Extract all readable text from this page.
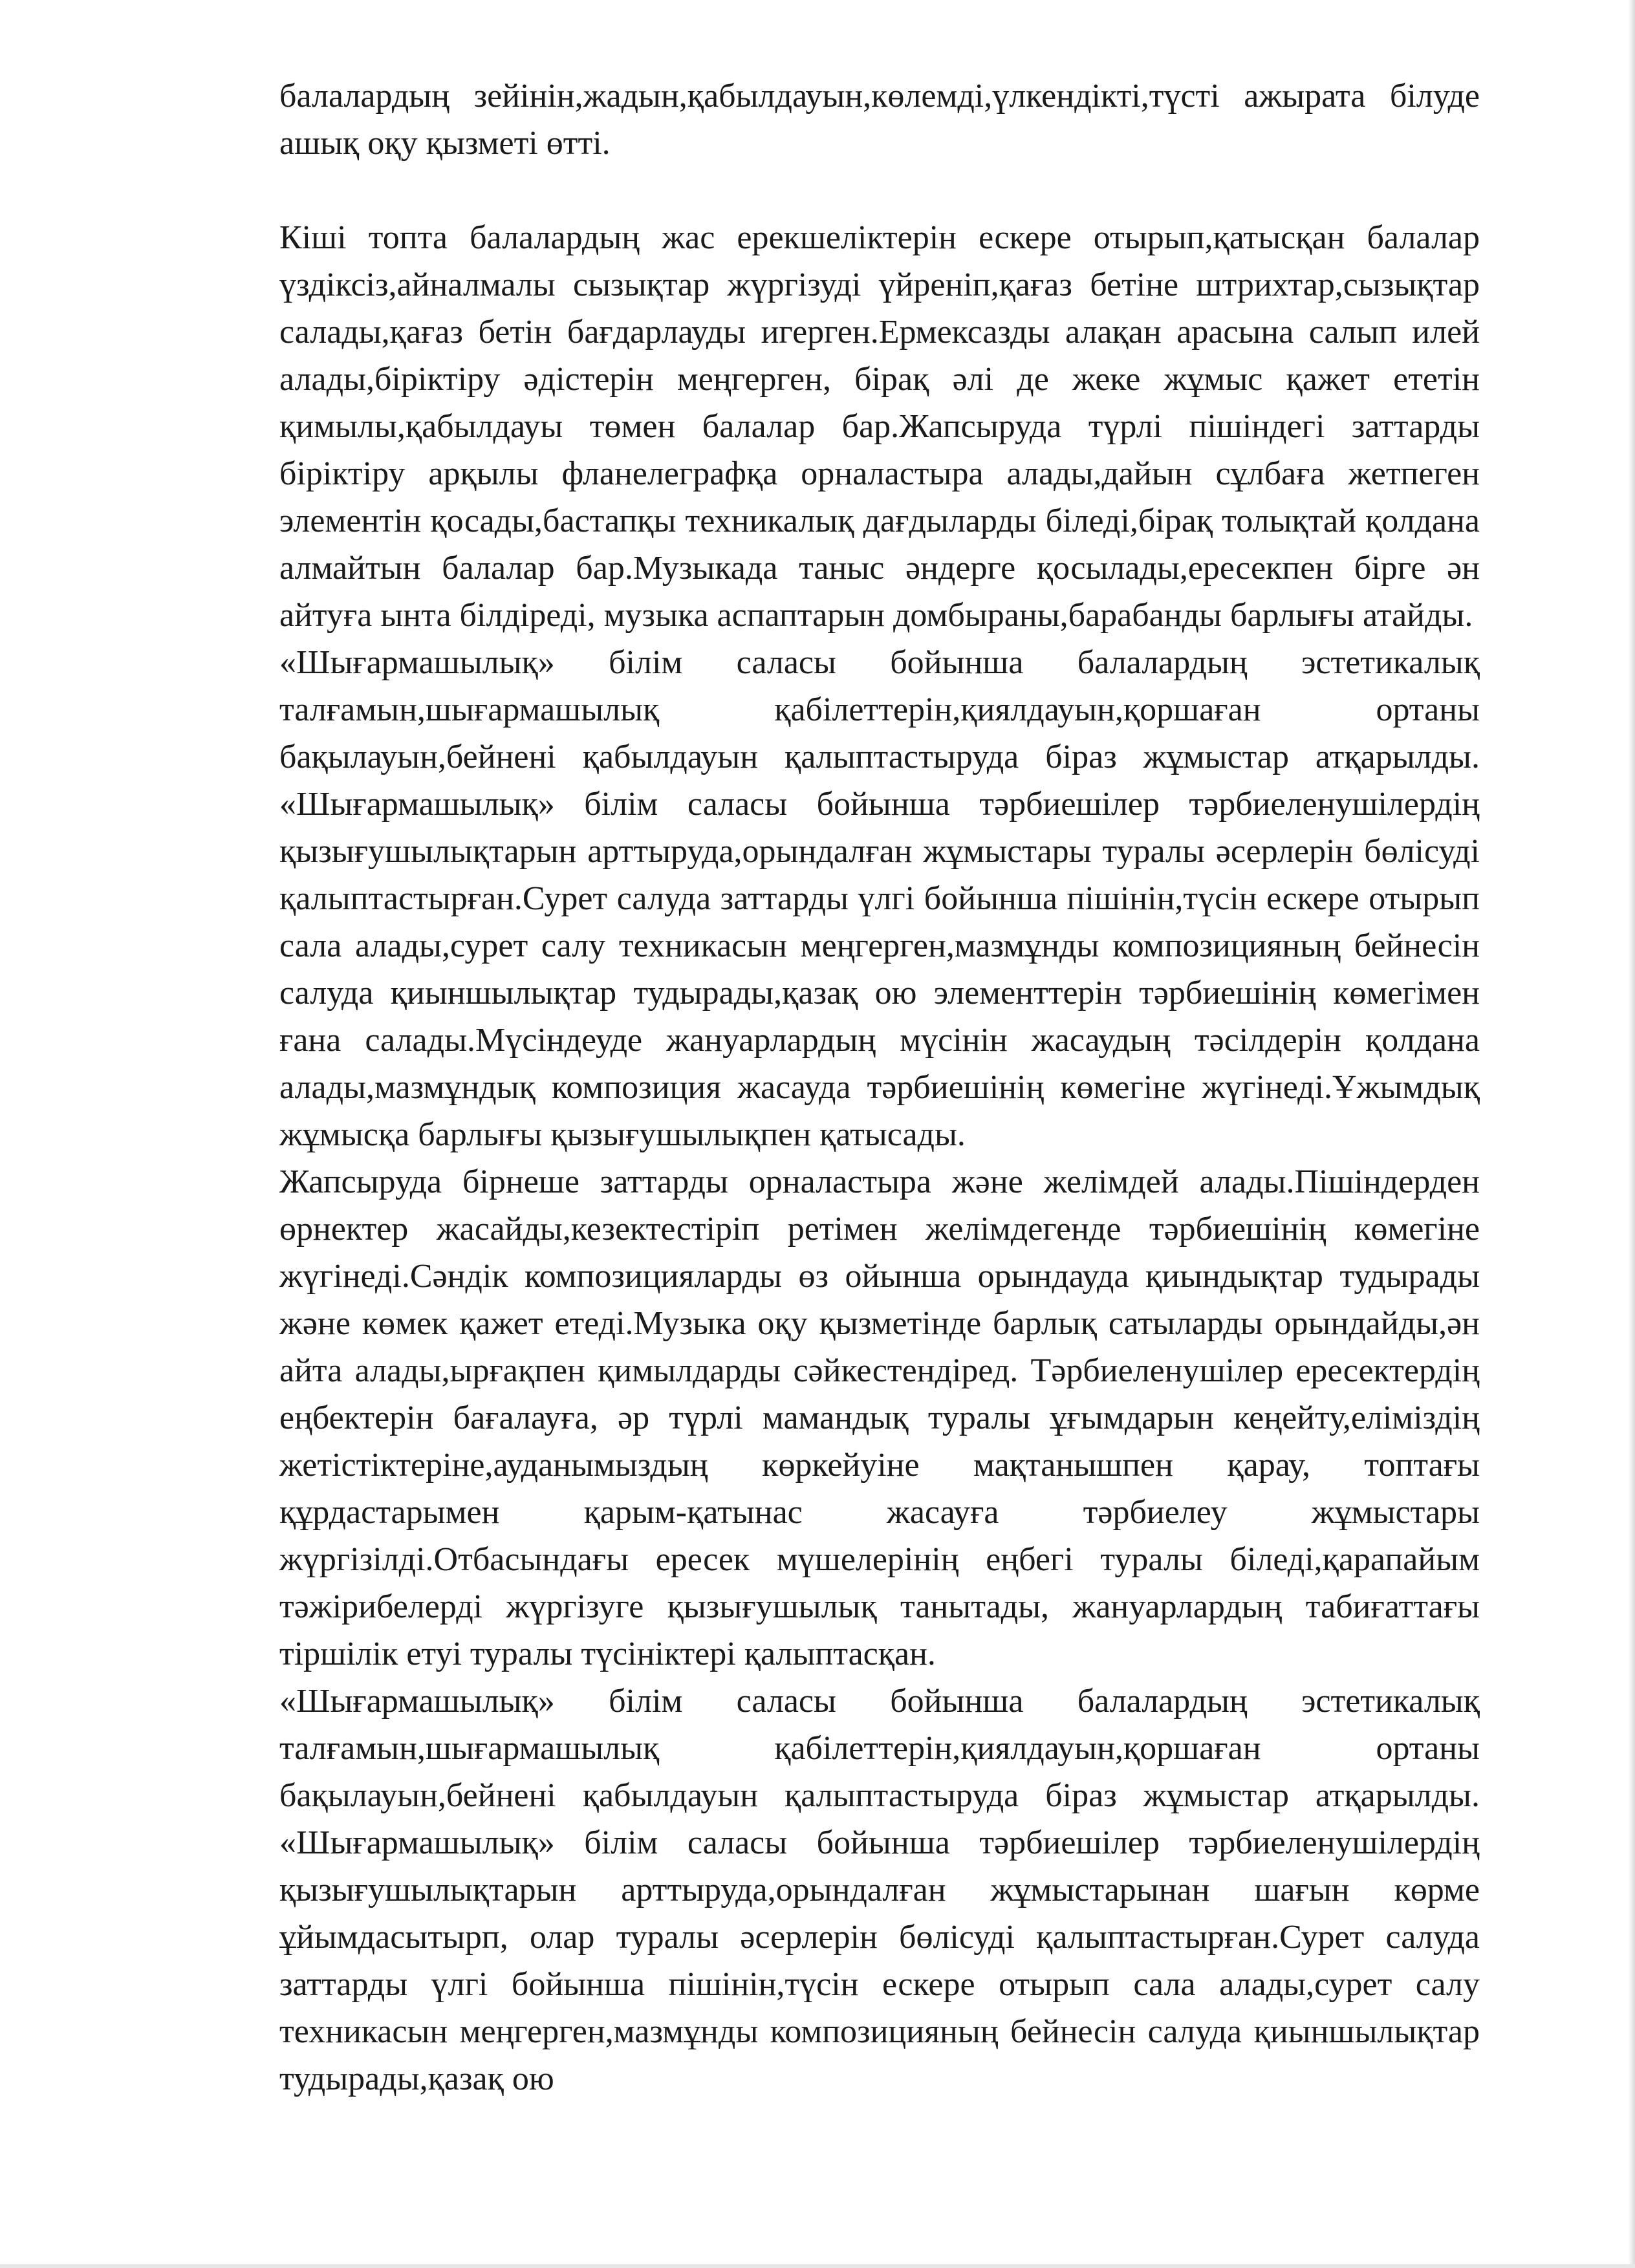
балалардың зейінін,жадын,қабылдауын,көлемді,үлкендікті,түсті ажырата білуде ашық оқу қызметі өтті.

Кіші топта балалардың жас ерекшеліктерін ескере отырып,қатысқан балалар үздіксіз,айналмалы сызықтар жүргізуді үйреніп,қағаз бетіне штрихтар,сызықтар салады,қағаз бетін бағдарлауды игерген.Ермексазды алақан арасына салып илей алады,біріктіру әдістерін меңгерген, бірақ әлі де жеке жұмыс қажет ететін қимылы,қабылдауы төмен балалар бар.Жапсыруда түрлі пішіндегі заттарды біріктіру арқылы фланелеграфқа орналастыра алады,дайын сұлбаға жетпеген элементін қосады,бастапқы техникалық дағдыларды біледі,бірақ толықтай қолдана алмайтын балалар бар.Музыкада таныс әндерге қосылады,ересекпен бірге ән айтуға ынта білдіреді, музыка аспаптарын домбыраны,барабанды барлығы атайды.

«Шығармашылық» білім саласы бойынша балалардың эстетикалық талғамын,шығармашылық қабілеттерін,қиялдауын,қоршаған ортаны бақылауын,бейнені қабылдауын қалыптастыруда біраз жұмыстар атқарылды. «Шығармашылық» білім саласы бойынша тәрбиешілер тәрбиеленушілердің қызығушылықтарын арттыруда,орындалған жұмыстары туралы әсерлерін бөлісуді қалыптастырған.Сурет салуда заттарды үлгі бойынша пішінін,түсін ескере отырып сала алады,сурет салу техникасын меңгерген,мазмұнды композицияның бейнесін салуда қиыншылықтар тудырады,қазақ ою элементтерін тәрбиешінің көмегімен ғана салады.Мүсіндеуде жануарлардың мүсінін жасаудың тәсілдерін қолдана алады,мазмұндық композиция жасауда тәрбиешінің көмегіне жүгінеді.Ұжымдық жұмысқа барлығы қызығушылықпен қатысады.

Жапсыруда бірнеше заттарды орналастыра және желімдей алады.Пішіндерден өрнектер жасайды,кезектестіріп ретімен желімдегенде тәрбиешінің көмегіне жүгінеді.Сәндік композицияларды өз ойынша орындауда қиындықтар тудырады және көмек қажет етеді.Музыка оқу қызметінде барлық сатыларды орындайды,ән айта алады,ырғақпен қимылдарды сәйкестендіред. Тәрбиеленушілер ересектердің еңбектерін бағалауға, әр түрлі мамандық туралы ұғымдарын кеңейту,еліміздің жетістіктеріне,ауданымыздың көркейуіне мақтанышпен қарау, топтағы құрдастарымен қарым-қатынас жасауға тәрбиелеу жұмыстары жүргізілді.Отбасындағы ересек мүшелерінің еңбегі туралы біледі,қарапайым тәжірибелерді жүргізуге қызығушылық танытады, жануарлардың табиғаттағы тіршілік етуі туралы түсініктері қалыптасқан.

«Шығармашылық» білім саласы бойынша балалардың эстетикалық талғамын,шығармашылық қабілеттерін,қиялдауын,қоршаған ортаны бақылауын,бейнені қабылдауын қалыптастыруда біраз жұмыстар атқарылды. «Шығармашылық» білім саласы бойынша тәрбиешілер тәрбиеленушілердің қызығушылықтарын арттыруда,орындалған жұмыстарынан шағын көрме ұйымдасытырп, олар туралы әсерлерін бөлісуді қалыптастырған.Сурет салуда заттарды үлгі бойынша пішінін,түсін ескере отырып сала алады,сурет салу техникасын меңгерген,мазмұнды композицияның бейнесін салуда қиыншылықтар тудырады,қазақ ою
